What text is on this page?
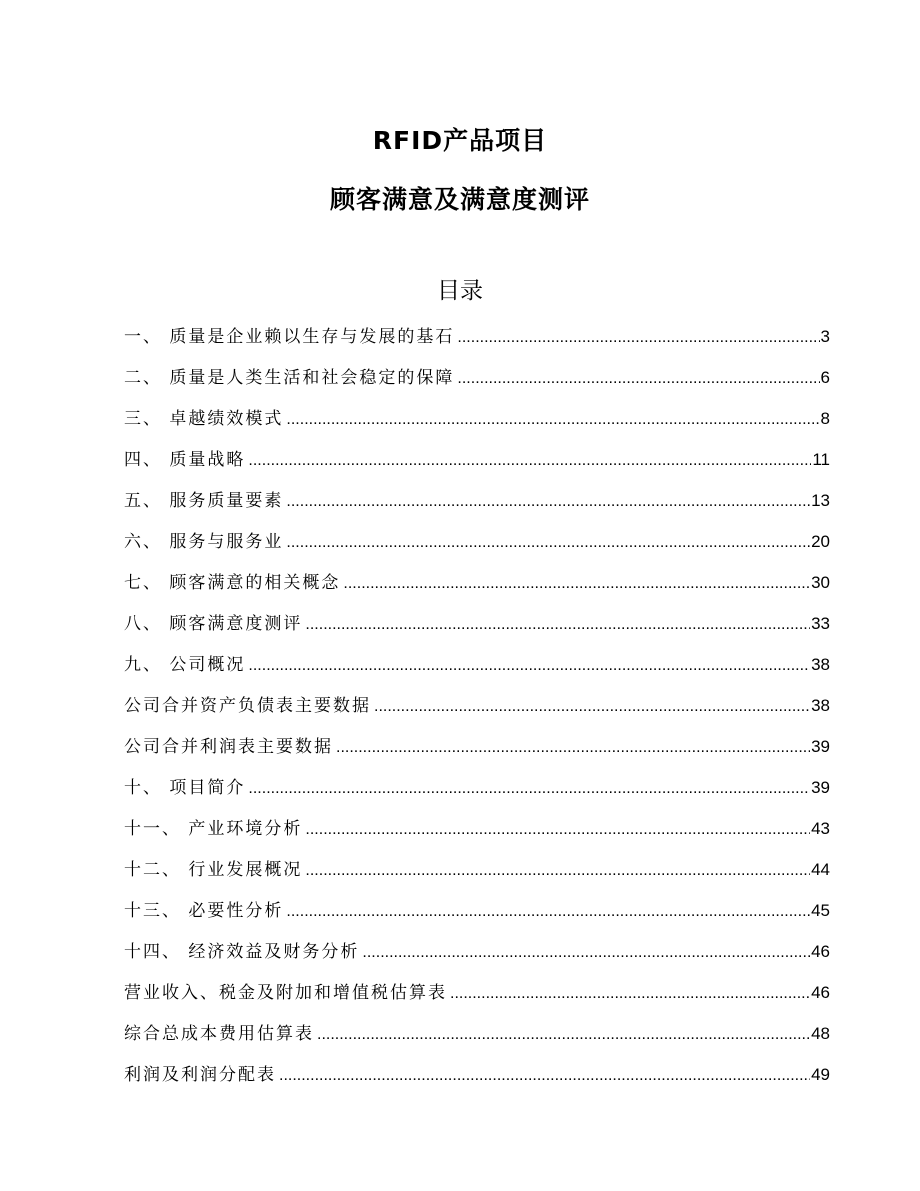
RFID产品项目
顾客满意及满意度测评
目录
一、 质量是企业赖以生存与发展的基石 .....	3
二、 质量是人类生活和社会稳定的保障 .....	6
三、 卓越绩效模式 .....	8
四、 质量战略 .....	11
五、 服务质量要素 .....	13
六、 服务与服务业 .....	20
七、 顾客满意的相关概念 .....	30
八、 顾客满意度测评 .....	33
九、 公司概况 .....	38
公司合并资产负债表主要数据 .....	38
公司合并利润表主要数据 .....	39
十、 项目简介 .....	39
十一、 产业环境分析 .....	43
十二、 行业发展概况 .....	44
十三、 必要性分析 .....	45
十四、 经济效益及财务分析 .....	46
营业收入、税金及附加和增值税估算表 .....	46
综合总成本费用估算表 .....	48
利润及利润分配表 .....	49
